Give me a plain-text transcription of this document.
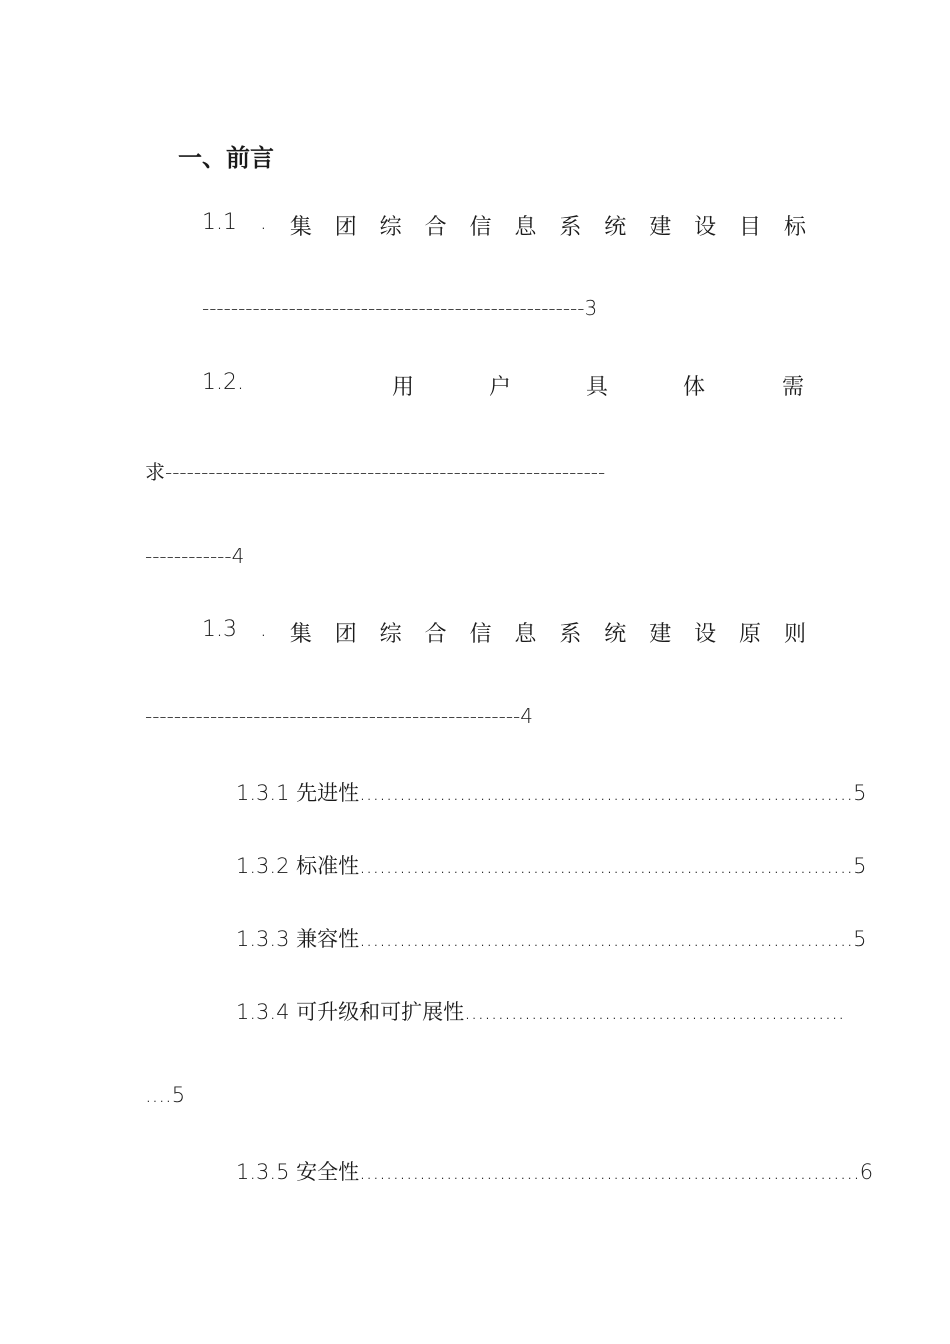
一、前言
1.1 . 集 团 综 合 信 息 系 统 建 设 目 标
-----------------------------------------------------3
1.2.	用	户	具	体	需
求-------------------------------------------------------------
------------4
1.3 . 集 团 综 合 信 息 系 统 建 设 原 则
----------------------------------------------------4
1.3.1 先进性..........................................................................5
1.3.2 标准性..........................................................................5
1.3.3 兼容性..........................................................................5
1.3.4 可升级和可扩展性.........................................................
....5
1.3.5 安全性...........................................................................6
